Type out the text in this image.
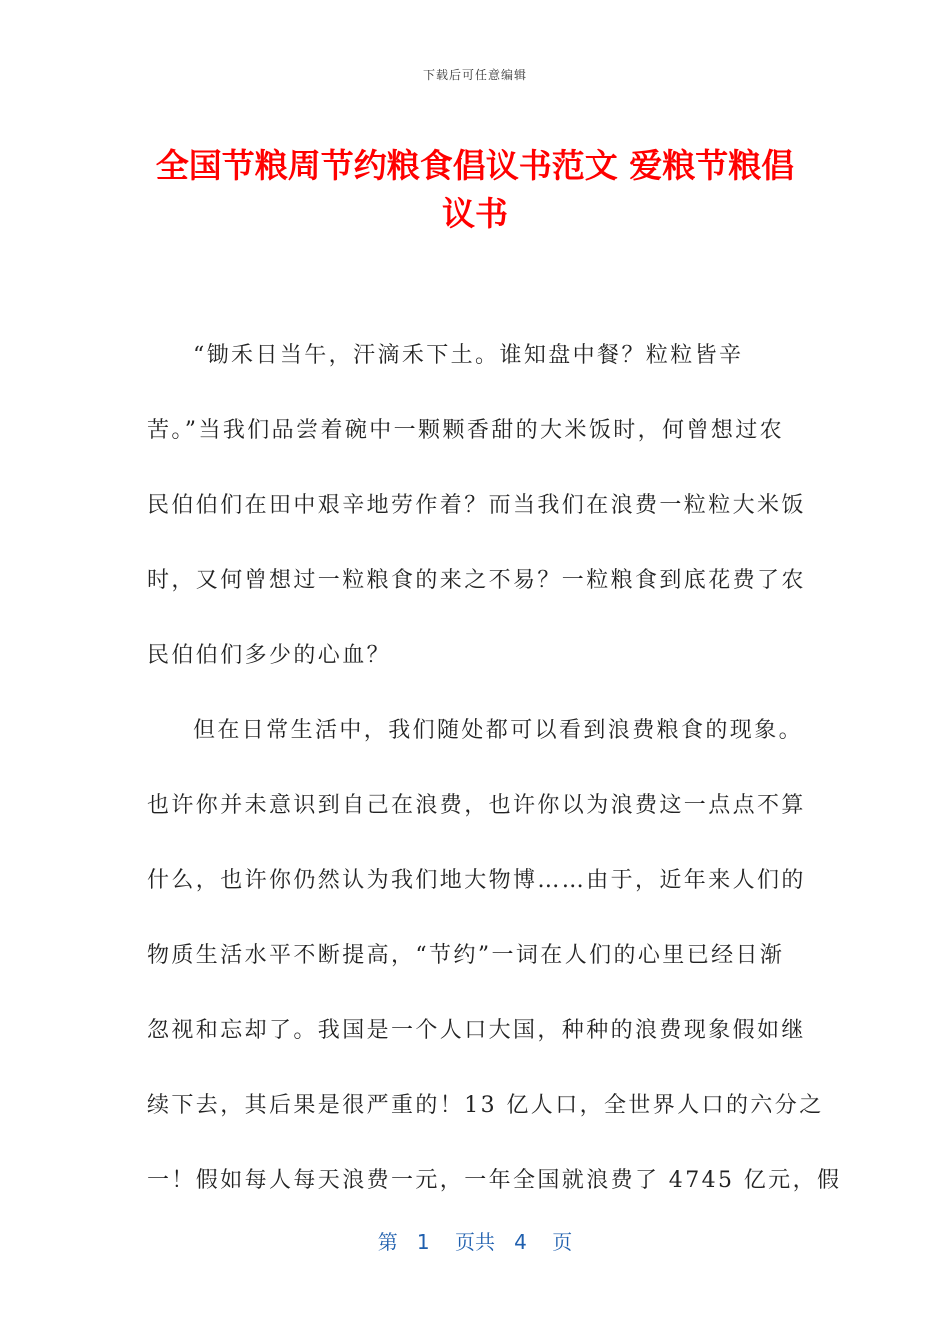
下载后可任意编辑
全国节粮周节约粮食倡议书范文 爱粮节粮倡议书

“锄禾日当午，汗滴禾下土。谁知盘中餐？粒粒皆辛
苦。”当我们品尝着碗中一颗颗香甜的大米饭时，何曾想过农
民伯伯们在田中艰辛地劳作着？而当我们在浪费一粒粒大米饭
时，又何曾想过一粒粮食的来之不易？一粒粮食到底花费了农
民伯伯们多少的心血？

但在日常生活中，我们随处都可以看到浪费粮食的现象。
也许你并未意识到自己在浪费，也许你以为浪费这一点点不算
什么，也许你仍然认为我们地大物博……由于，近年来人们的
物质生活水平不断提高，“节约”一词在人们的心里已经日渐
忽视和忘却了。我国是一个人口大国，种种的浪费现象假如继
续下去，其后果是很严重的！13 亿人口，全世界人口的六分之
一！假如每人每天浪费一元，一年全国就浪费了 4745 亿元，假

第 1 页共 4 页
